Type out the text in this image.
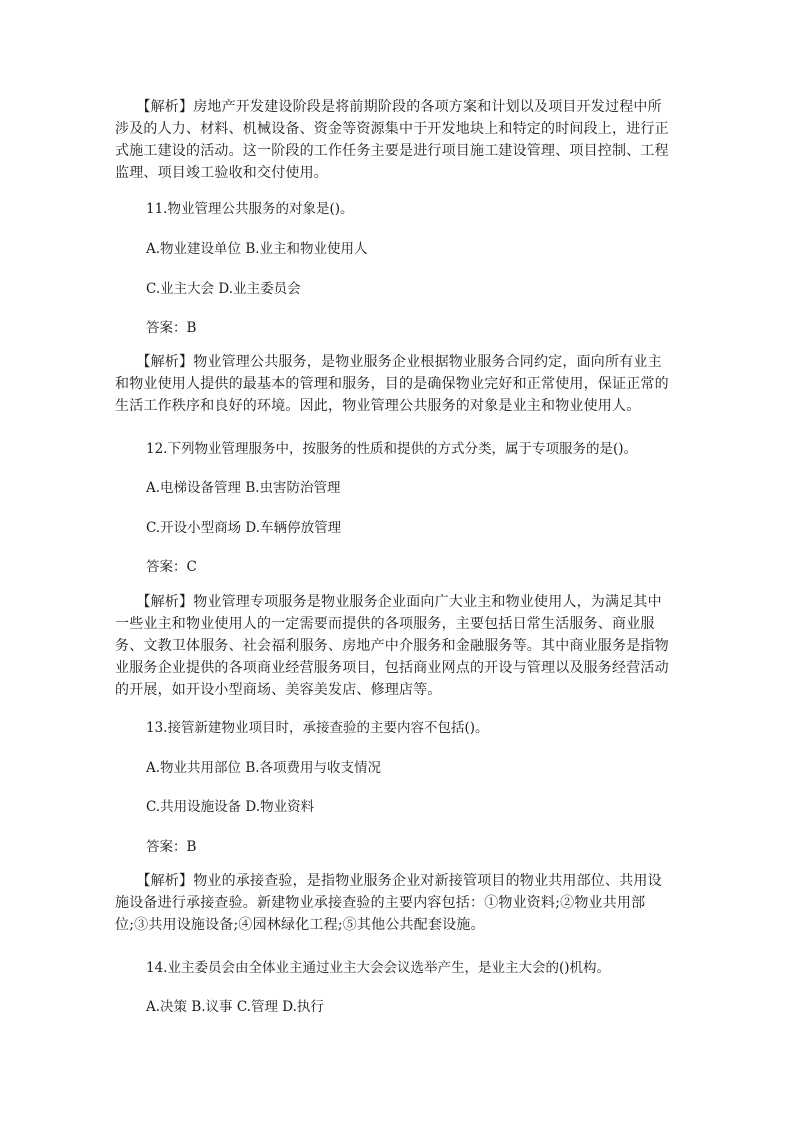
　　【解析】房地产开发建设阶段是将前期阶段的各项方案和计划以及项目开发过程中所涉及的人力、材料、机械设备、资金等资源集中于开发地块上和特定的时间段上，进行正式施工建设的活动。这一阶段的工作任务主要是进行项目施工建设管理、项目控制、工程监理、项目竣工验收和交付使用。
11.物业管理公共服务的对象是()。
A.物业建设单位 B.业主和物业使用人
C.业主大会 D.业主委员会
答案：B
　　【解析】物业管理公共服务，是物业服务企业根据物业服务合同约定，面向所有业主和物业使用人提供的最基本的管理和服务，目的是确保物业完好和正常使用，保证正常的生活工作秩序和良好的环境。因此，物业管理公共服务的对象是业主和物业使用人。
12.下列物业管理服务中，按服务的性质和提供的方式分类，属于专项服务的是()。
A.电梯设备管理 B.虫害防治管理
C.开设小型商场 D.车辆停放管理
答案：C
　　【解析】物业管理专项服务是物业服务企业面向广大业主和物业使用人，为满足其中一些业主和物业使用人的一定需要而提供的各项服务，主要包括日常生活服务、商业服务、文教卫体服务、社会福利服务、房地产中介服务和金融服务等。其中商业服务是指物业服务企业提供的各项商业经营服务项目，包括商业网点的开设与管理以及服务经营活动的开展，如开设小型商场、美容美发店、修理店等。
13.接管新建物业项目时，承接查验的主要内容不包括()。
A.物业共用部位 B.各项费用与收支情况
C.共用设施设备 D.物业资料
答案：B
　　【解析】物业的承接查验，是指物业服务企业对新接管项目的物业共用部位、共用设施设备进行承接查验。新建物业承接查验的主要内容包括：①物业资料;②物业共用部位;③共用设施设备;④园林绿化工程;⑤其他公共配套设施。
14.业主委员会由全体业主通过业主大会会议选举产生，是业主大会的()机构。
A.决策 B.议事 C.管理 D.执行
